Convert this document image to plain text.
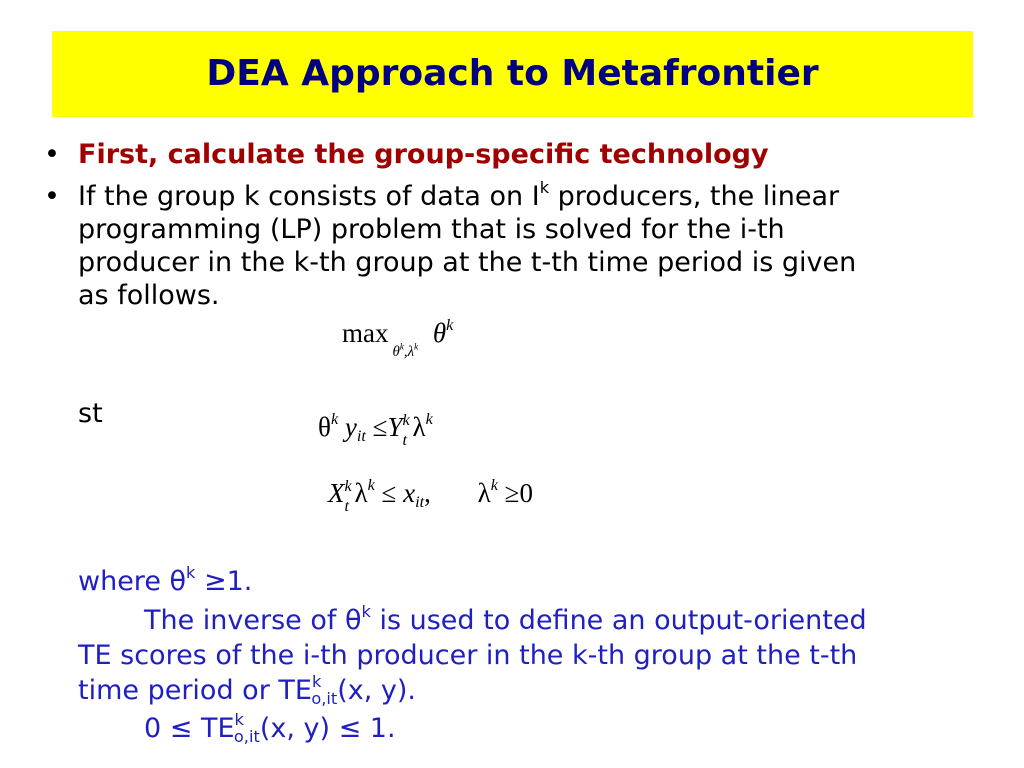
DEA Approach to Metafrontier
• First, calculate the group-specific technology
• If the group k consists of data on $I^k$ producers, the linear
programming (LP) problem that is solved for the i-th
producer in the k-th group at the t-th time period is given
as follows.
$\max_{\theta^k,\lambda^k} \theta^k$
st	$\theta^k$ $y_{it} \le Y$ k
t $\lambda^k$
X k
t $\lambda^k \le x_{it}$, $\lambda^k \ge 0$
where $\theta^k \ge 1$.
The inverse of $\theta^k$ is used to define an output-oriented
TE scores of the i-th producer in the k-th group at the t-th
time period or $TE^k_{o,it}(x$, y).
$0 \le TE^k_{o,it}(x$, y) ≤ 1.
